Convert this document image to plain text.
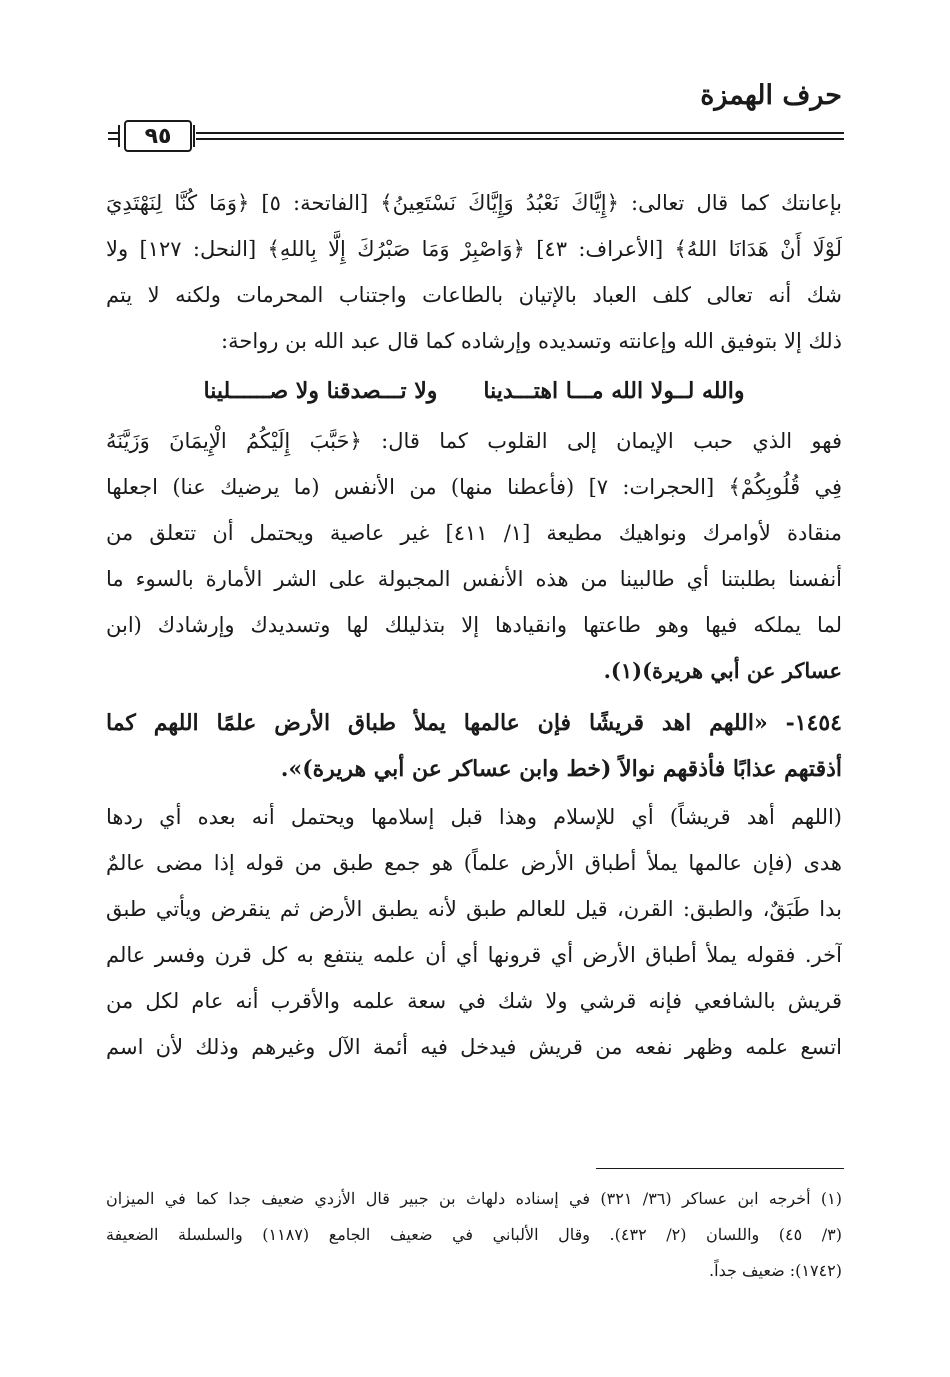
حرف الهمزة
٩٥
بإعانتك كما قال تعالى: ﴿إِيَّاكَ نَعْبُدُ وَإِيَّاكَ نَسْتَعِينُ﴾ [الفاتحة: ٥] ﴿وَمَا كُنَّا لِنَهْتَدِيَ
لَوْلَا أَنْ هَدَانَا اللهُ﴾ [الأعراف: ٤٣] ﴿وَاصْبِرْ وَمَا صَبْرُكَ إِلَّا بِاللهِ﴾ [النحل: ١٢٧] ولا
شك أنه تعالى كلف العباد بالإتيان بالطاعات واجتناب المحرمات ولكنه لا يتم
ذلك إلا بتوفيق الله وإعانته وتسديده وإرشاده كما قال عبد الله بن رواحة:
والله لــولا الله مـــا اهتـــدينا      ولا تـــصدقنا ولا صــــــلينا
فهو الذي حبب الإيمان إلى القلوب كما قال: ﴿حَبَّبَ إِلَيْكُمُ الْإِيمَانَ وَزَيَّنَهُ
فِي قُلُوبِكُمْ﴾ [الحجرات: ٧] (فأعطنا منها) من الأنفس (ما يرضيك عنا) اجعلها
منقادة لأوامرك ونواهيك مطيعة [١/ ٤١١] غير عاصية ويحتمل أن تتعلق من
أنفسنا بطلبتنا أي طالبينا من هذه الأنفس المجبولة على الشر الأمارة بالسوء ما
لما يملكه فيها وهو طاعتها وانقيادها إلا بتذليلك لها وتسديدك وإرشادك (ابن
عساكر عن أبي هريرة)(١).
١٤٥٤- «اللهم اهد قريشًا فإن عالمها يملأ طباق الأرض علمًا اللهم كما
أذقتهم عذابًا فأذقهم نوالاً (خط وابن عساكر عن أبي هريرة)».
(اللهم أهد قريشاً) أي للإسلام وهذا قبل إسلامها ويحتمل أنه بعده أي ردها
هدى (فإن عالمها يملأ أطباق الأرض علماً) هو جمع طبق من قوله إذا مضى عالمٌ
بدا طَبَقٌ، والطبق: القرن، قيل للعالم طبق لأنه يطبق الأرض ثم ينقرض ويأتي طبق
آخر. فقوله يملأ أطباق الأرض أي قرونها أي أن علمه ينتفع به كل قرن وفسر عالم
قريش بالشافعي فإنه قرشي ولا شك في سعة علمه والأقرب أنه عام لكل من
اتسع علمه وظهر نفعه من قريش فيدخل فيه أئمة الآل وغيرهم وذلك لأن اسم
(١) أخرجه ابن عساكر (٣٦/ ٣٢١) في إسناده دلهاث بن جبير قال الأزدي ضعيف جدا كما في الميزان
(٣/ ٤٥) واللسان (٢/ ٤٣٢). وقال الألباني في ضعيف الجامع (١١٨٧) والسلسلة الضعيفة
(١٧٤٢): ضعيف جداً.
